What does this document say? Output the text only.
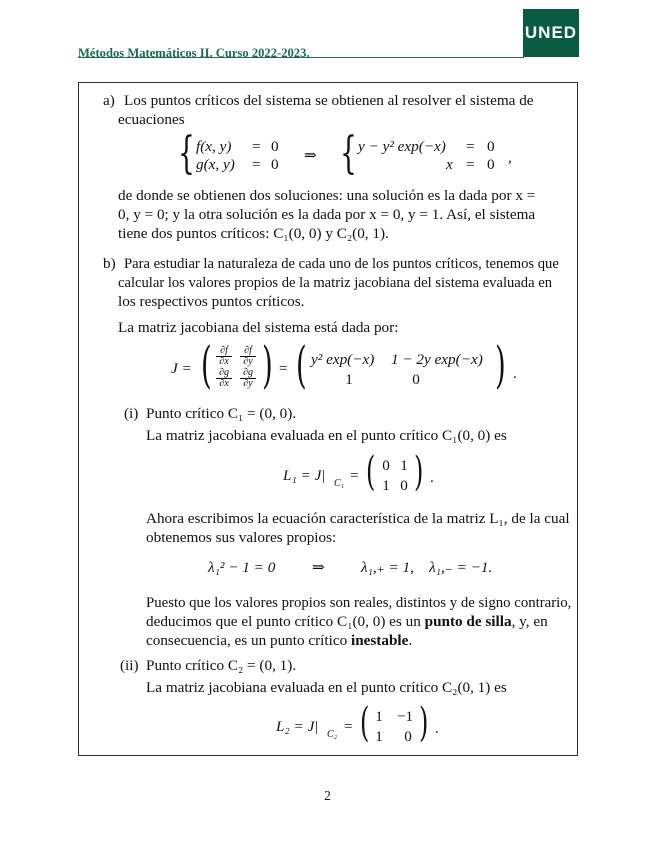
Métodos Matemáticos II. Curso 2022-2023.
UNED
a) Los puntos críticos del sistema se obtienen al resolver el sistema de
ecuaciones
{ f(x, y) = 0
g(x, y) = 0
⇒ { y − y² exp(−x) = 0
x = 0 ,
de donde se obtienen dos soluciones: una solución es la dada por x =
0, y = 0; y la otra solución es la dada por x = 0, y = 1. Así, el sistema
tiene dos puntos críticos: C₁(0, 0) y C₂(0, 1).
b) Para estudiar la naturaleza de cada uno de los puntos críticos, tenemos que
calcular los valores propios de la matriz jacobiana del sistema evaluada en
los respectivos puntos críticos.
La matriz jacobiana del sistema está dada por:
J = ( $\frac{\partial f}{\partial x} \frac{\partial f}{\partial y}$
$\frac{\partial g}{\partial x} \frac{\partial g}{\partial y}$ ) = ( y² exp(−x) 1 − 2y exp(−x)
1	0 ) .
(i) Punto crítico C₁ = (0, 0).
La matriz jacobiana evaluada en el punto crítico C₁(0, 0) es
L₁ = J| C₁ = ( 0 1
1 0 ) .
Ahora escribimos la ecuación característica de la matriz L₁, de la cual
obtenemos sus valores propios:
λ₁² − 1 = 0 ⇒ λ₁,₊ = 1,    λ₁,₋ = −1.
Puesto que los valores propios son reales, distintos y de signo contrario,
deducimos que el punto crítico C₁(0, 0) es un punto de silla, y, en
consecuencia, es un punto crítico inestable.
(ii) Punto crítico C₂ = (0, 1).
La matriz jacobiana evaluada en el punto crítico C₂(0, 1) es
L₂ = J| C₂ = ( 1 −1
1 0 ) .
2
